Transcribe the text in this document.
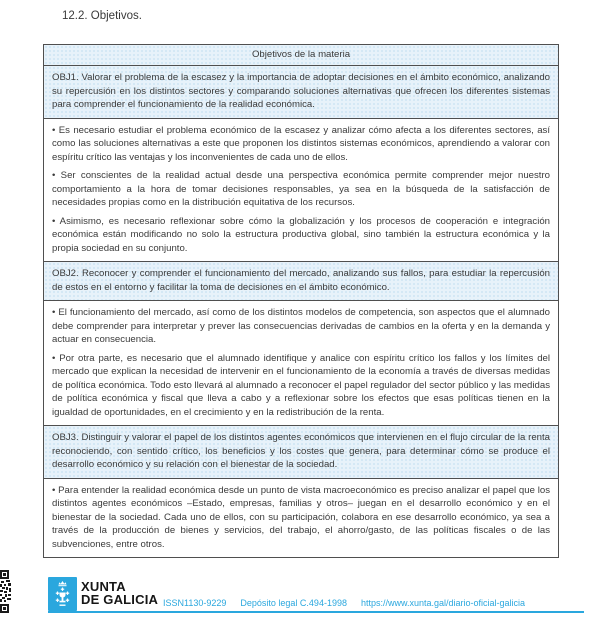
12.2. Objetivos.
Objetivos de la materia

OBJ1. Valorar el problema de la escasez y la importancia de adoptar decisiones en el ámbito económico, analizando su repercusión en los distintos sectores y comparando soluciones alternativas que ofrecen los diferentes sistemas para comprender el funcionamiento de la realidad económica.

• Es necesario estudiar el problema económico de la escasez y analizar cómo afecta a los diferentes sectores, así como las soluciones alternativas a este que proponen los distintos sistemas económicos, aprendiendo a valorar con espíritu crítico las ventajas y los inconvenientes de cada uno de ellos.

• Ser conscientes de la realidad actual desde una perspectiva económica permite comprender mejor nuestro comportamiento a la hora de tomar decisiones responsables, ya sea en la búsqueda de la satisfacción de necesidades propias como en la distribución equitativa de los recursos.

• Asimismo, es necesario reflexionar sobre cómo la globalización y los procesos de cooperación e integración económica están modificando no solo la estructura productiva global, sino también la estructura económica y la propia sociedad en su conjunto.

OBJ2. Reconocer y comprender el funcionamiento del mercado, analizando sus fallos, para estudiar la repercusión de estos en el entorno y facilitar la toma de decisiones en el ámbito económico.

• El funcionamiento del mercado, así como de los distintos modelos de competencia, son aspectos que el alumnado debe comprender para interpretar y prever las consecuencias derivadas de cambios en la oferta y en la demanda y actuar en consecuencia.

• Por otra parte, es necesario que el alumnado identifique y analice con espíritu crítico los fallos y los límites del mercado que explican la necesidad de intervenir en el funcionamiento de la economía a través de diversas medidas de política económica. Todo esto llevará al alumnado a reconocer el papel regulador del sector público y las medidas de política económica y fiscal que lleva a cabo y a reflexionar sobre los efectos que esas políticas tienen en la igualdad de oportunidades, en el crecimiento y en la redistribución de la renta.

OBJ3. Distinguir y valorar el papel de los distintos agentes económicos que intervienen en el flujo circular de la renta reconociendo, con sentido crítico, los beneficios y los costes que genera, para determinar cómo se produce el desarrollo económico y su relación con el bienestar de la sociedad.

• Para entender la realidad económica desde un punto de vista macroeconómico es preciso analizar el papel que los distintos agentes económicos –Estado, empresas, familias y otros– juegan en el desarrollo económico y en el bienestar de la sociedad. Cada uno de ellos, con su participación, colabora en ese desarrollo económico, ya sea a través de la producción de bienes y servicios, del trabajo, el ahorro/gasto, de las políticas fiscales o de las subvenciones, entre otros.

XUNTA
DE GALICIA ISSN1130-9229 Depósito legal C.494-1998 https://www.xunta.gal/diario-oficial-galicia
